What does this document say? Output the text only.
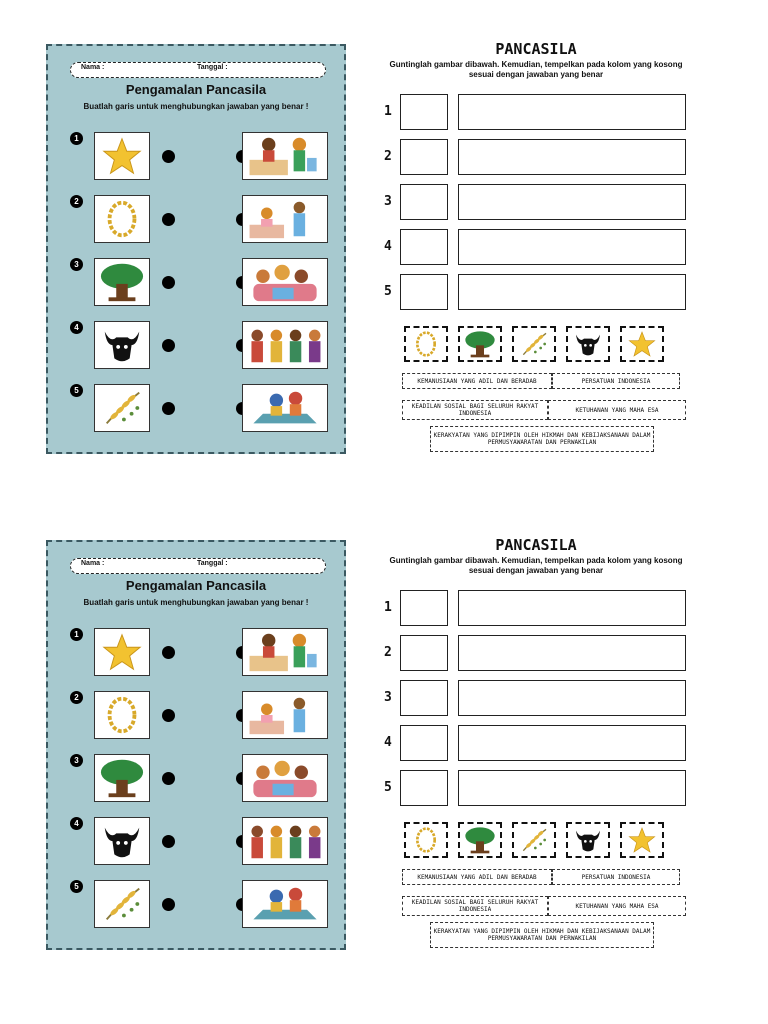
Nama :	Tanggal :
Pengamalan Pancasila
Buatlah garis untuk menghubungkan jawaban yang benar !
1
2
3
4
5
PANCASILA
Guntinglah gambar dibawah. Kemudian, tempelkan pada kolom yang kosong sesuai dengan jawaban yang benar
1
2
3
4
5
KEMANUSIAAN YANG ADIL DAN BERADAB	PERSATUAN INDONESIA
KEADILAN SOSIAL BAGI SELURUH RAKYAT INDONESIA	KETUHANAN YANG MAHA ESA
KERAKYATAN YANG DIPIMPIN OLEH HIKMAH DAN KEBIJAKSANAAN DALAM PERMUSYAWARATAN DAN PERWAKILAN
Nama :	Tanggal :
Pengamalan Pancasila
Buatlah garis untuk menghubungkan jawaban yang benar !
1
2
3
4
5
PANCASILA
Guntinglah gambar dibawah. Kemudian, tempelkan pada kolom yang kosong sesuai dengan jawaban yang benar
1
2
3
4
5
KEMANUSIAAN YANG ADIL DAN BERADAB	PERSATUAN INDONESIA
KEADILAN SOSIAL BAGI SELURUH RAKYAT INDONESIA	KETUHANAN YANG MAHA ESA
KERAKYATAN YANG DIPIMPIN OLEH HIKMAH DAN KEBIJAKSANAAN DALAM PERMUSYAWARATAN DAN PERWAKILAN
